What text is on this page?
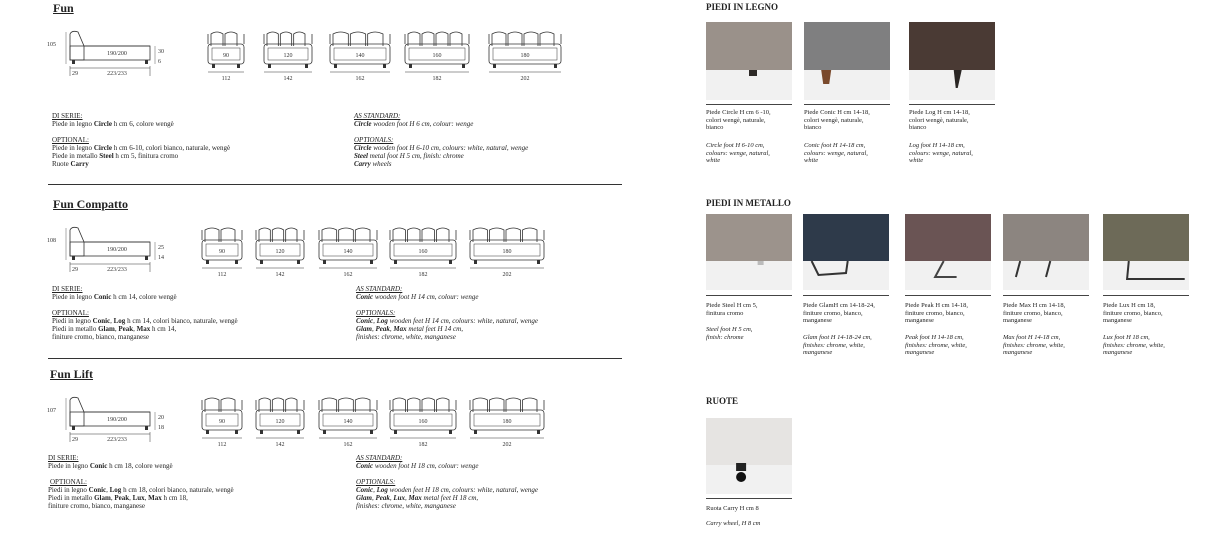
Fun
105
190/200
223/233
29
30
6
90
112
120
142
140
162
160
182
180
202
DI SERIE:
Piede in legno Circle h cm 6, colore wengè
OPTIONAL:
Piede in legno Circle h cm 6-10, colori bianco, naturale, wengè
Piede in metallo Steel h cm 5, finitura cromo
Ruote Carry
AS STANDARD:
Circle wooden foot H 6 cm, colour: wenge
OPTIONALS:
Circle wooden foot H 6-10 cm, colours: white, natural, wenge
Steel metal foot H 5 cm, finish: chrome
Carry wheels
Fun Compatto
108
190/200
223/233
29
25
14
90
112
120
142
140
162
160
182
180
202
DI SERIE:
Piede in legno Conic h cm 14, colore wengè
OPTIONAL:
Piedi in legno Conic, Log h cm 14, colori bianco, naturale, wengè
Piedi in metallo Glam, Peak, Max h cm 14,
finiture cromo, bianco, manganese
AS STANDARD:
Conic wooden foot H 14 cm, colour: wenge
OPTIONALS:
Conic, Log wooden feet H 14 cm, colours: white, natural, wenge
Glam, Peak, Max metal feet H 14 cm,
finishes: chrome, white, manganese
Fun Lift
107
190/200
223/233
29
20
18
90
112
120
142
140
162
160
182
180
202
DI SERIE:
Piede in legno Conic h cm 18, colore wengè
OPTIONAL:
Piedi in legno Conic, Log h cm 18, colori bianco, naturale, wengè
Piedi in metallo Glam, Peak, Lux, Max h cm 18,
finiture cromo, bianco, manganese
AS STANDARD:
Conic wooden foot H 18 cm, colour: wenge
OPTIONALS:
Conic, Log wooden feet H 18 cm, colours: white, natural, wenge
Glam, Peak, Lux, Max metal feet H 18 cm,
finishes: chrome, white, manganese
PIEDI IN LEGNO
Piede Circle H cm 6 -10,
colori wengè, naturale,
bianco
Circle foot H 6-10 cm,
colours: wenge, natural,
white
Piede Conic H cm 14-18,
colori wengè, naturale,
bianco
Conic foot H 14-18 cm,
colours: wenge, natural,
white
Piede Log H cm 14-18,
colori wengè, naturale,
bianco
Log foot H 14-18 cm,
colours: wenge, natural,
white
PIEDI IN METALLO
Piede Steel H cm 5,
finitura cromo
Steel foot H 5 cm,
finish: chrome
Piede GlamH cm 14-18-24,
finiture cromo, bianco,
manganese
Glam foot H 14-18-24 cm,
finishes: chrome, white,
manganese
Piede Peak H cm 14-18,
finiture cromo, bianco,
manganese
Peak foot H 14-18 cm,
finishes: chrome, white,
manganese
Piede Max H cm 14-18,
finiture cromo, bianco,
manganese
Max foot H 14-18 cm,
finishes: chrome, white,
manganese
Piede Lux H cm 18,
finiture cromo, bianco,
manganese
Lux foot H 18 cm,
finishes: chrome, white,
manganese
RUOTE
Ruota Carry H cm 8
Carry wheel, H 8 cm
